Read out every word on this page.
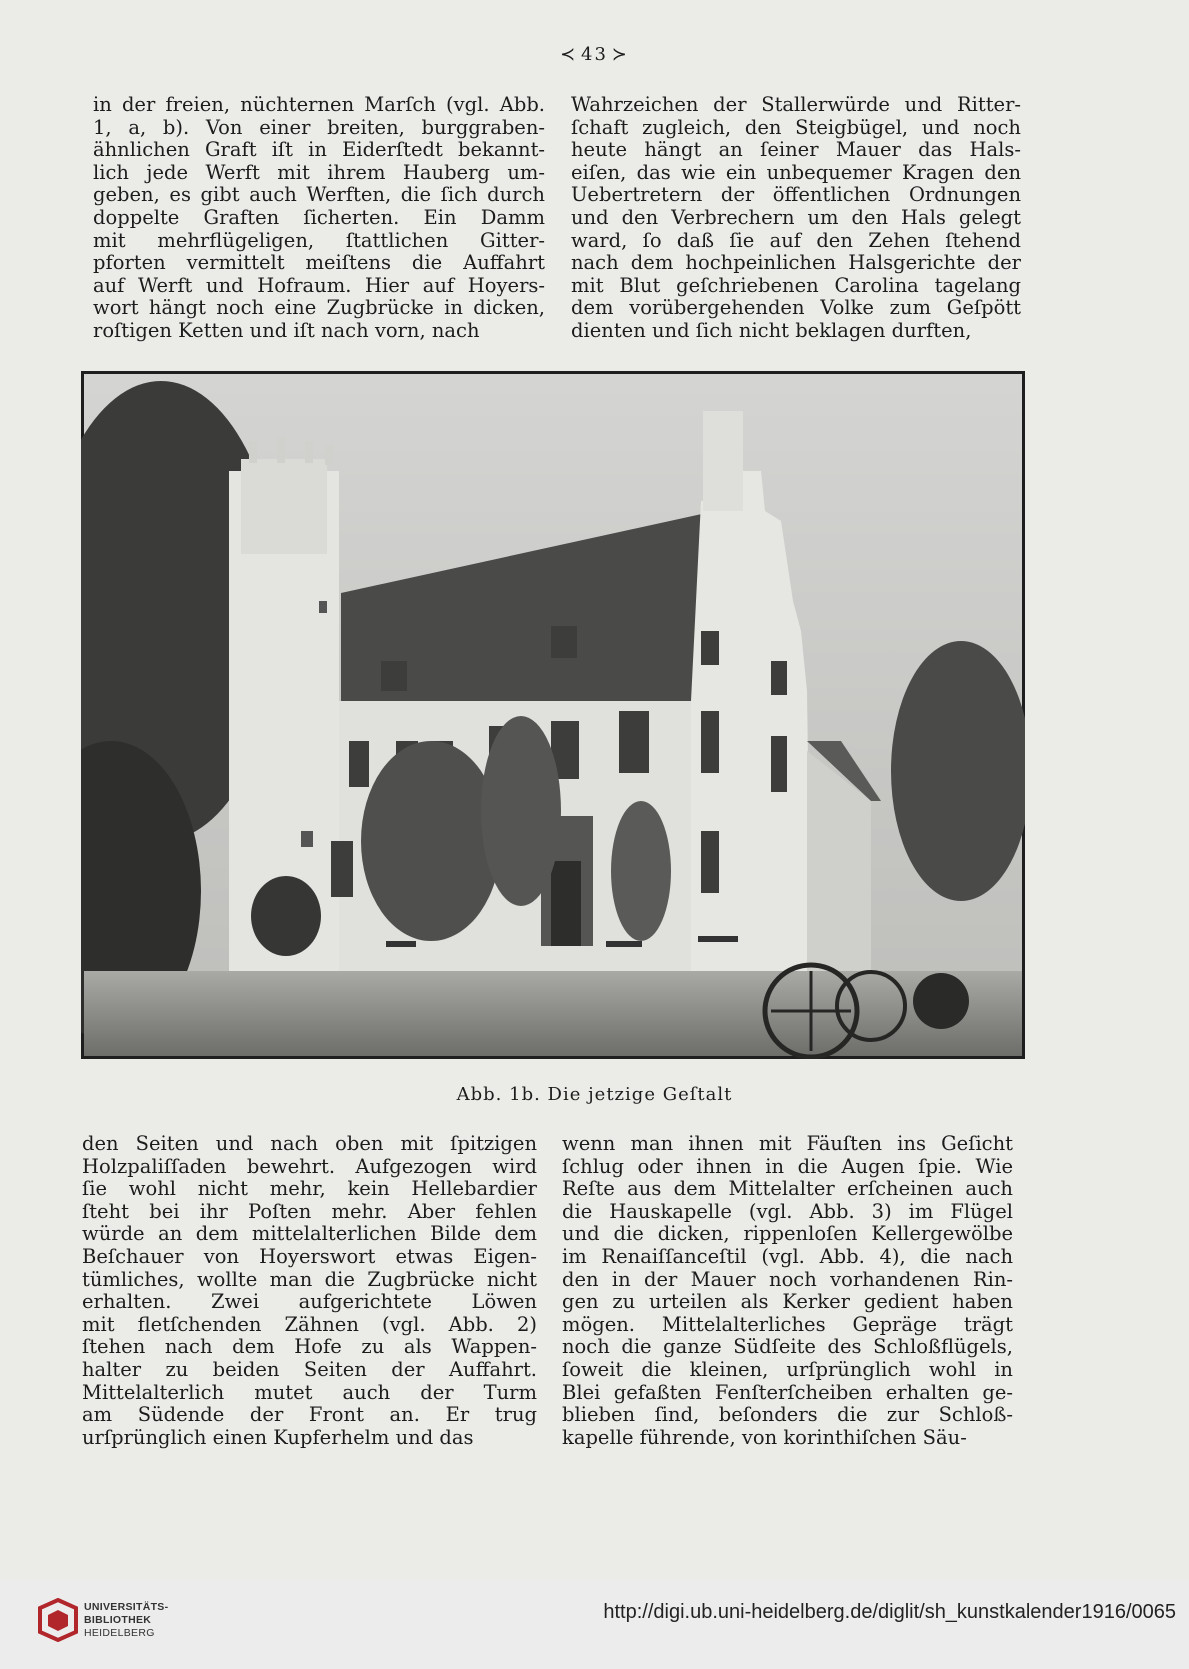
≺ 43 ≻
in der freien, nüchternen Marſch (vgl. Abb.
1, a, b). Von einer breiten, burggraben-
ähnlichen Graft iſt in Eiderſtedt bekannt-
lich jede Werft mit ihrem Hauberg um-
geben, es gibt auch Werften, die ſich durch
doppelte Graften ſicherten. Ein Damm
mit mehrflügeligen, ſtattlichen Gitter-
pforten vermittelt meiſtens die Auffahrt
auf Werft und Hofraum. Hier auf Hoyers-
wort hängt noch eine Zugbrücke in dicken,
roſtigen Ketten und iſt nach vorn, nach
Wahrzeichen der Stallerwürde und Ritter-
ſchaft zugleich, den Steigbügel, und noch
heute hängt an ſeiner Mauer das Hals-
eiſen, das wie ein unbequemer Kragen den
Uebertretern der öffentlichen Ordnungen
und den Verbrechern um den Hals gelegt
ward, ſo daß ſie auf den Zehen ſtehend
nach dem hochpeinlichen Halsgerichte der
mit Blut geſchriebenen Carolina tagelang
dem vorübergehenden Volke zum Geſpött
dienten und ſich nicht beklagen durften,
Abb. 1b. Die jetzige Geſtalt
den Seiten und nach oben mit ſpitzigen
Holzpaliſſaden bewehrt. Aufgezogen wird
ſie wohl nicht mehr, kein Hellebardier
ſteht bei ihr Poſten mehr. Aber fehlen
würde an dem mittelalterlichen Bilde dem
Beſchauer von Hoyerswort etwas Eigen-
tümliches, wollte man die Zugbrücke nicht
erhalten. Zwei aufgerichtete Löwen
mit fletſchenden Zähnen (vgl. Abb. 2)
ſtehen nach dem Hofe zu als Wappen-
halter zu beiden Seiten der Auffahrt.
Mittelalterlich mutet auch der Turm
am Südende der Front an. Er trug
urſprünglich einen Kupferhelm und das
wenn man ihnen mit Fäuſten ins Geſicht
ſchlug oder ihnen in die Augen ſpie. Wie
Reſte aus dem Mittelalter erſcheinen auch
die Hauskapelle (vgl. Abb. 3) im Flügel
und die dicken, rippenloſen Kellergewölbe
im Renaiſſanceſtil (vgl. Abb. 4), die nach
den in der Mauer noch vorhandenen Rin-
gen zu urteilen als Kerker gedient haben
mögen. Mittelalterliches Gepräge trägt
noch die ganze Südſeite des Schloßflügels,
ſoweit die kleinen, urſprünglich wohl in
Blei gefaßten Fenſterſcheiben erhalten ge-
blieben ſind, beſonders die zur Schloß-
kapelle führende, von korinthiſchen Säu-
UNIVERSITÄTS-
BIBLIOTHEK
HEIDELBERG
http://digi.ub.uni-heidelberg.de/diglit/sh_kunstkalender1916/0065
